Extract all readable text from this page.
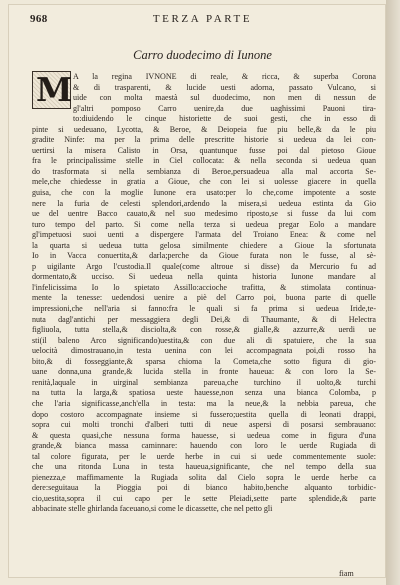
968	TERZA PARTE
Carro duodecimo di Iunone
M A la regina IVNONE di reale, & ricca, & superba Corona
& di trasparenti, & lucide uesti adorna, passato Vulcano, si
uide con molta maestà sul duodecimo, non men di nessun de
gl'altri pomposo Carro uenire,da due uaghissimi Pauoni tira-
to:diuidendo le cinque historiette de suoi gesti, che in esso di
pinte si uedeuano, Lycotta, & Beroe, & Deiopeia fue piu belle,& da le piu
gradite Ninfe: ma per la prima delle prescritte historie si uedeua da lei con-
uertirsi la misera Calisto in Orsa, quantunque fusse poi dal pietoso Gioue
fra le principalissime stelle in Ciel collocata: & nella seconda si uedeua quan
do trasformata si nella sembianza di Beroe,persuadeua alla mal accorta Se-
mele,che chiedesse in gratia a Gioue, che con lei si uolesse giacere in quella
guisa, che con la moglie Iunone era usato:per lo che,come impotente a soste
nere la furia de celesti splendori,ardendo la misera,si uedeua estinta da Gio
ue del uentre Bacco cauato,& nel suo medesimo riposto,se si fusse da lui com
turo tempo del parto. Si come nella terza si uedeua pregar Eolo a mandare
gl'impetuosi suoi uenti a dispergere l'armata del Troiano Enea: & come nel
la quarta si uedeua tutta gelosa similmente chiedere a Gioue la sfortunata
Io in Vacca conuertita,& darla;perche da Gioue furata non le fusse, al sè-
p uigilante Argo l'custodia.Il quale(come altroue si disse) da Mercurio fu ad
dormentato,& ucciso. Si uedeua nella quinta historia Iunone mandare al
l'infelicissima Io lo spietato Assillo:accioche trafitta, & stimolata continua-
mente la tenesse: uedendosi uenire a piè del Carro poi, buona parte di quelle
impressioni,che nell'aria si fanno:fra le quali si fa prima si uedeua Iride,te-
nuta dagl'antichi per messaggiera degli Dei,& di Thaumante, & di Helectra
figliuola, tutta stella,& disciolta,& con rosse,& gialle,& azzurre,& uerdi ue
sti(il baleno Arco significando)uestita,& con due ali di spatuiere, che la sua
uelocità dimostrauano,in testa uenina con lei accompagnata poi,di rosso ha
bito,& di fosseggiante,& sparsa chioma la Cometa,che sotto figura di gio-
uane donna,una grande,& lucida stella in fronte haueua: & con loro la Se-
renità,laquale in uirginal sembianza pareua,che turchino il uolto,& turchi
na tutta la larga,& spatiosa ueste hauesse,non senza una bianca Colomba, p
che l'aria significasse,anch'ella in testa: ma la neue,& la nebbia pareua, che
dopo costoro accompagnate insieme si fussero;uestita quella di leonati drappi,
sopra cui molti tronchi d'alberi tutti di neue aspersi di posarsi sembrauano:
& questa quasi,che nessuna forma hauesse, si uedeua come in figura d'una
grande,& bianca massa caminnare: hauendo con loro le uerde Rugiada di
tal colore figurata, per le uerde herbe in cui si uede commentemente suole:
che una ritonda Luna in testa haueua,significante, che nel tempo della sua
pienezza,e maffimamente la Rugiada solita dal Cielo sopra le uerde herbe ca
dere:seguitaua la Pioggia poi di bianco habito,benche alquanto torbidic-
cio,uestita,sopra il cui capo per le sette Pleiadi,sette parte splendide,& parte
abbacinate stelle ghirlanda faceuano,si come le dicassette, che nel petto gli
fiam
